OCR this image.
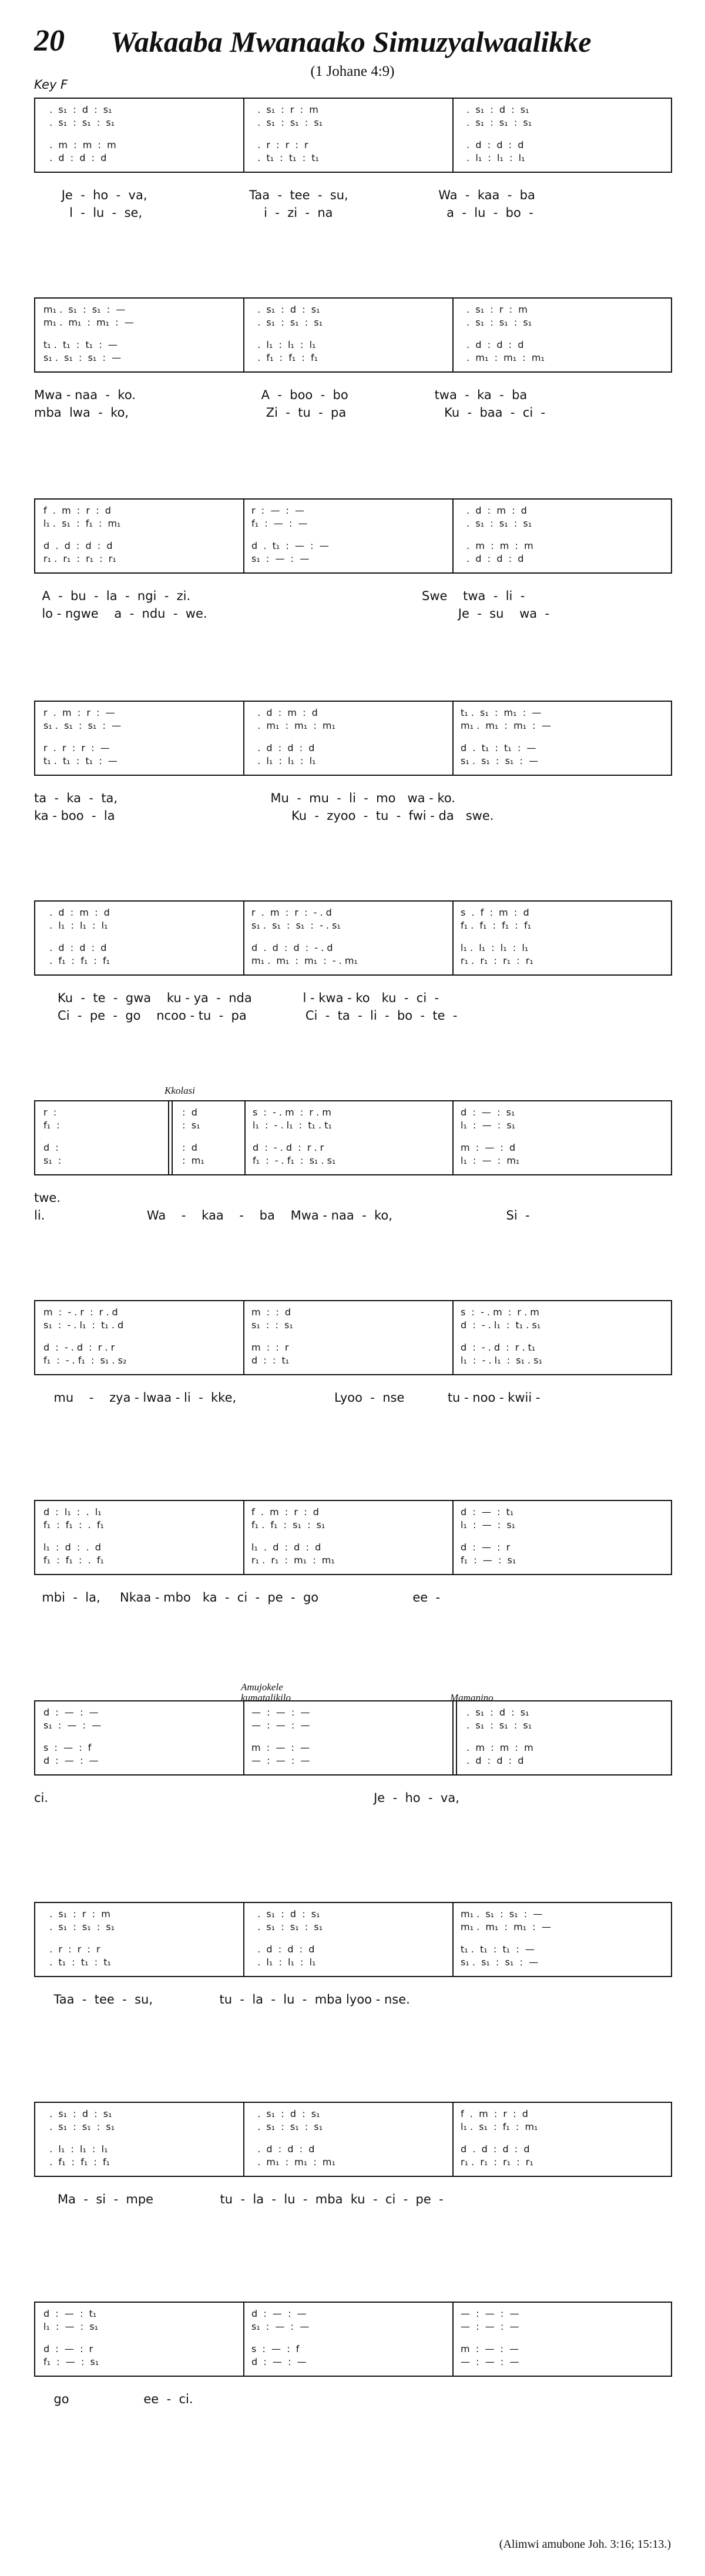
20 Wakaaba Mwanaako Simuzyalwaalikke
(1 Johane 4:9)
Key F
Kkolasi
Amujokele
kumatalikilo	Mamanino
.  s₁  :  d  :  s₁
.  s₁  :  s₁  :  s₁
.  m  :  m  :  m
.  d  :  d  :  d
.  s₁  :  r  :  m
.  s₁  :  s₁  :  s₁
.  r  :  r  :  r
.  t₁  :  t₁  :  t₁
.  s₁  :  d  :  s₁
.  s₁  :  s₁  :  s₁
.  d  :  d  :  d
.  l₁  :  l₁  :  l₁
Je  -  ho  -  va,                          Taa  -  tee  -  su,                       Wa  -  kaa  -  ba
l  -  lu  -  se,                               i  -  zi  -  na                             a  -  lu  -  bo  -
m₁ .  s₁  :  s₁  :  —
m₁ .  m₁  :  m₁  :  —
t₁ .  t₁  :  t₁  :  —
s₁ .  s₁  :  s₁  :  —
.  s₁  :  d  :  s₁
.  s₁  :  s₁  :  s₁
.  l₁  :  l₁  :  l₁
.  f₁  :  f₁  :  f₁
.  s₁  :  r  :  m
.  s₁  :  s₁  :  s₁
.  d  :  d  :  d
.  m₁  :  m₁  :  m₁
Mwa - naa  -  ko.                                A  -  boo  -  bo                      twa  -  ka  -  ba
mba  lwa  -  ko,                                   Zi  -  tu  -  pa                         Ku  -  baa  -  ci  -
f  .  m  :  r  :  d
l₁ .  s₁  :  f₁  :  m₁
d  .  d  :  d  :  d
r₁ .  r₁  :  r₁  :  r₁
r  :  —  :  —
f₁  :  —  :  —
d  .  t₁  :  —  :  —
s₁  :  —  :  —
.  d  :  m  :  d
.  s₁  :  s₁  :  s₁
.  m  :  m  :  m
.  d  :  d  :  d
A  -  bu  -  la  -  ngi  -  zi.                                                           Swe    twa  -  li  -
lo - ngwe    a  -  ndu  -  we.                                                                Je  -  su    wa  -
r  .  m  :  r  :  —
s₁ .  s₁  :  s₁  :  —
r  .  r  :  r  :  —
t₁ .  t₁  :  t₁  :  —
.  d  :  m  :  d
.  m₁  :  m₁  :  m₁
.  d  :  d  :  d
.  l₁  :  l₁  :  l₁
t₁ .  s₁  :  m₁  :  —
m₁ .  m₁  :  m₁  :  —
d  .  t₁  :  t₁  :  —
s₁ .  s₁  :  s₁  :  —
ta  -  ka  -  ta,                                       Mu  -  mu  -  li  -  mo   wa - ko.
ka - boo  -  la                                             Ku  -  zyoo  -  tu  -  fwi - da   swe.
.  d  :  m  :  d
.  l₁  :  l₁  :  l₁
.  d  :  d  :  d
.  f₁  :  f₁  :  f₁
r  .  m  :  r  :  - . d
s₁ .  s₁  :  s₁  :  - . s₁
d  .  d  :  d  :  - . d
m₁ .  m₁  :  m₁  :  - . m₁
s  .  f  :  m  :  d
f₁ .  f₁  :  f₁  :  f₁
l₁ .  l₁  :  l₁  :  l₁
r₁ .  r₁  :  r₁  :  r₁
Ku  -  te  -  gwa    ku - ya  -  nda             l - kwa - ko   ku  -  ci  -
Ci  -  pe  -  go    ncoo - tu  -  pa               Ci  -  ta  -  li  -  bo  -  te  -
r  :
f₁  :
d  :
s₁  :
:  d
:  s₁
:  d
:  m₁
s  :  - . m  :  r . m
l₁  :  - . l₁  :  t₁ . t₁
d  :  - . d  :  r . r
f₁  :  - . f₁  :  s₁ . s₁
d  :  —  :  s₁
l₁  :  —  :  s₁
m  :  —  :  d
l₁  :  —  :  m₁
twe.
li.                          Wa    -    kaa    -    ba    Mwa - naa  -  ko,                             Si  -
m  :  - . r  :  r . d
s₁  :  - . l₁  :  t₁ . d
d  :  - . d  :  r . r
f₁  :  - . f₁  :  s₁ . s₂
m  :  :  d
s₁  :  :  s₁
m  :  :  r
d  :  :  t₁
s  :  - . m  :  r . m
d  :  - . l₁  :  t₁ . s₁
d  :  - . d  :  r . t₁
l₁  :  - . l₁  :  s₁ . s₁
mu    -    zya - lwaa - li  -  kke,                         Lyoo  -  nse           tu - noo - kwii -
d  :  l₁  :  .  l₁
f₁  :  f₁  :  .  f₁
l₁  :  d  :  .  d
f₁  :  f₁  :  .  f₁
f  .  m  :  r  :  d
f₁ .  f₁  :  s₁  :  s₁
l₁  .  d  :  d  :  d
r₁ .  r₁  :  m₁  :  m₁
d  :  —  :  t₁
l₁  :  —  :  s₁
d  :  —  :  r
f₁  :  —  :  s₁
mbi  -  la,     Nkaa - mbo   ka  -  ci  -  pe  -  go                        ee  -
d  :  —  :  —
s₁  :  —  :  —
s  :  —  :  f
d  :  —  :  —
—  :  —  :  —
—  :  —  :  —
m  :  —  :  —
—  :  —  :  —
.  s₁  :  d  :  s₁
.  s₁  :  s₁  :  s₁
.  m  :  m  :  m
.  d  :  d  :  d
ci.                                                                                   Je  -  ho  -  va,
.  s₁  :  r  :  m
.  s₁  :  s₁  :  s₁
.  r  :  r  :  r
.  t₁  :  t₁  :  t₁
.  s₁  :  d  :  s₁
.  s₁  :  s₁  :  s₁
.  d  :  d  :  d
.  l₁  :  l₁  :  l₁
m₁ .  s₁  :  s₁  :  —
m₁ .  m₁  :  m₁  :  —
t₁ .  t₁  :  t₁  :  —
s₁ .  s₁  :  s₁  :  —
Taa  -  tee  -  su,                 tu  -  la  -  lu  -  mba lyoo - nse.
.  s₁  :  d  :  s₁
.  s₁  :  s₁  :  s₁
.  l₁  :  l₁  :  l₁
.  f₁  :  f₁  :  f₁
.  s₁  :  d  :  s₁
.  s₁  :  s₁  :  s₁
.  d  :  d  :  d
.  m₁  :  m₁  :  m₁
f  .  m  :  r  :  d
l₁ .  s₁  :  f₁  :  m₁
d  .  d  :  d  :  d
r₁ .  r₁  :  r₁  :  r₁
Ma  -  si  -  mpe                 tu  -  la  -  lu  -  mba  ku  -  ci  -  pe  -
d  :  —  :  t₁
l₁  :  —  :  s₁
d  :  —  :  r
f₁  :  —  :  s₁
d  :  —  :  —
s₁  :  —  :  —
s  :  —  :  f
d  :  —  :  —
—  :  —  :  —
—  :  —  :  —
m  :  —  :  —
—  :  —  :  —
go                   ee  -  ci.
(Alimwi amubone Joh. 3:16; 15:13.)
